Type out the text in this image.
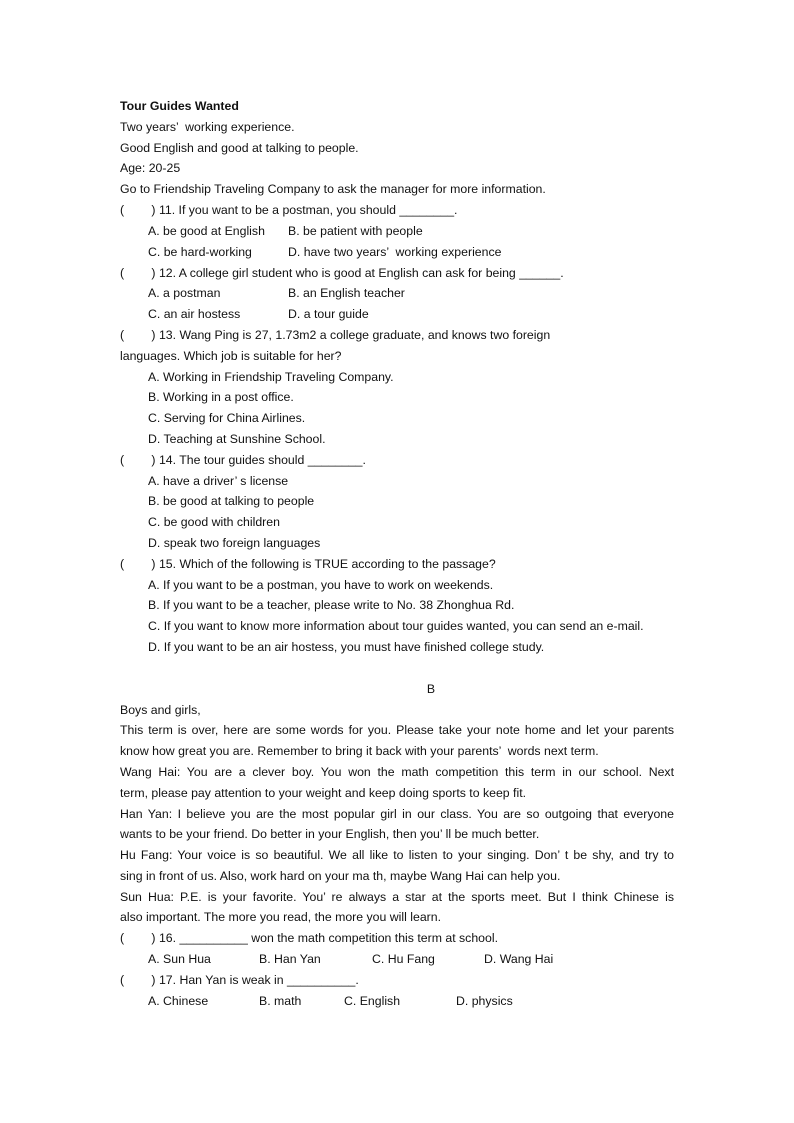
Tour Guides Wanted
Two years’  working experience.
Good English and good at talking to people.
Age: 20-25
Go to Friendship Traveling Company to ask the manager for more information.
(        ) 11. If you want to be a postman, you should ________.
A. be good at English B. be patient with people
C. be hard-working	D. have two years’  working experience
(        ) 12. A college girl student who is good at English can ask for being ______.
A. a postman	B. an English teacher
C. an air hostess	D. a tour guide
(        ) 13. Wang Ping is 27, 1.73m2 a college graduate, and knows two foreign
languages. Which job is suitable for her?
A. Working in Friendship Traveling Company.
B. Working in a post office.
C. Serving for China Airlines.
D. Teaching at Sunshine School.
(        ) 14. The tour guides should ________.
A. have a driver’ s license
B. be good at talking to people
C. be good with children
D. speak two foreign languages
(        ) 15. Which of the following is TRUE according to the passage?
A. If you want to be a postman, you have to work on weekends.
B. If you want to be a teacher, please write to No. 38 Zhonghua Rd.
C. If you want to know more information about tour guides wanted, you can send an e-mail.
D. If you want to be an air hostess, you must have finished college study.
B
Boys and girls,
This term is over, here are some words for you. Please take your note home and let your parents
know how great you are. Remember to bring it back with your parents’  words next term.
Wang Hai: You are a clever boy. You won the math competition this term in our school. Next
term, please pay attention to your weight and keep doing sports to keep fit.
Han Yan: I believe you are the most popular girl in our class. You are so outgoing that everyone
wants to be your friend. Do better in your English, then you’ ll be much better.
Hu Fang: Your voice is so beautiful. We all like to listen to your singing. Don’ t be shy, and try to
sing in front of us. Also, work hard on your ma th, maybe Wang Hai can help you.
Sun Hua: P.E. is your favorite. You’ re always a star at the sports meet. But I think Chinese is
also important. The more you read, the more you will learn.
(        ) 16. __________ won the math competition this term at school.
A. Sun Hua	B. Han Yan	C. Hu Fang	D. Wang Hai
(        ) 17. Han Yan is weak in __________.
A. Chinese	B. math	C. English	D. physics
